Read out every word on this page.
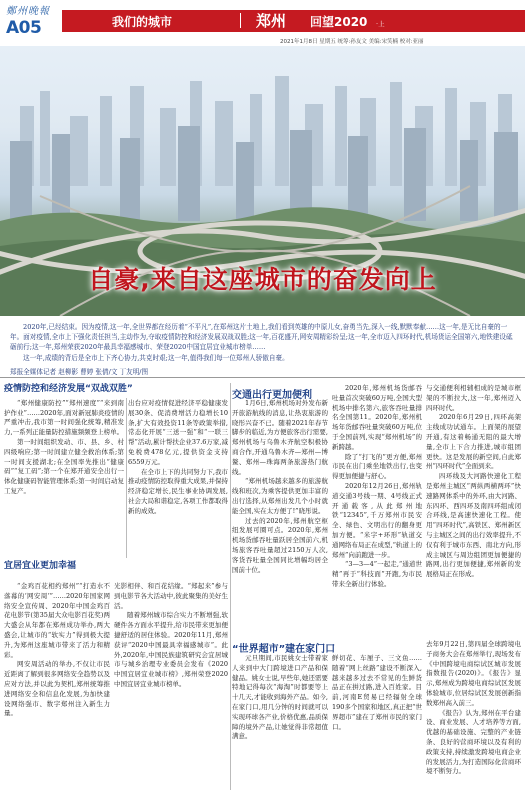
鄭州晚報
A05	我们的城市	郑州 回望2020 ·上
2021年1月8日 星期五 统筹:孙友文 美编:宋笑楠 校对:亚丽
自豪,来自这座城市的奋发向上
2020年,已经结束。因为疫情,这一年,全世界都在经历着“不平凡”,在郑州这片土地上,我们看到英雄的中原儿女,奋勇当先,深入一线,默默奉献……这一年,是无比自豪的一年。面对疫情,全市上下强化责任担当,主动作为,夺取疫情防控和经济发展双战双胜;这一年,百花盛开,网安周精彩纷呈;这一年,全市迈入四环时代,机场货运全国第六,地铁建设砥砺前行;这一年,郑州荣获2020年最具幸福感城市、荣登2020中国宜居宜业城市榜单……
这一年,成绩的背后是全市上下齐心协力,共克时艰;这一年,值得我们每一位郑州人骄傲自豪。
郑报全媒体记者 赵柳影 曹婷 张倩/文 丁友明/图
疫情防控和经济发展“双战双胜”

“郑州健康防控”“郑州速度”“来到南护作业”……2020年,面对新冠肺炎疫情的严重冲击,我市第一时间强化统筹,精准发力,一系列正能量防控措施频频登上榜单。

第一时间组织发动、市、县、乡、村四级响应;第一时间建立健全救治体系;第一时间支援湖北;在全国率先推出“健康码”“复工码”;第一个在郑开通安全出行一体化健康码智能管理体系;第一时间启动复工复产。

出台应对疫情促进经济平稳健康发展30条、促消费增活力稳增长10条,扩大有效投资11条等政策举措,常态化开展“三送一强”和“一联三帮”活动,累计帮扶企业37.6万家,减免税费478亿元,提供资金支持6559万元。

在全市上下的共同努力下,我市推动疫情防控取得重大成果,并保持经济稳定增长,民生事业协调发展,社会大局和谐稳定,各项工作都取得新的成效。

宜居宜业更加幸福

“金鸡百花相约郑州”“打造水不落幕的‘网安周’”……2020年国家网络安全宣传周、2020年中国金鸡百花电影节(第35届大众电影百花奖)两大盛会从年都在郑州成功举办,两大盛会,让城市的“软实力”得到极大提升,为郑州这座城市带来了活力和精彩。

网安周活动的举办,不仅让市民近距离了解到很多网络安全趋势以及应对方法,并以此为契机,郑州统筹推进网络安全和信息化发展,为加快建设网络强市、数字郑州注入新生力量。

光影相伴、和百花结缘。“郑起来”参与到电影节各大活动中,彼此聚集的美好生活。

随着郑州城市综合实力不断增强,软硬件各方面水平提升,给市民带来更加便捷舒适的居住体验。2020年11月,郑州获评“2020中国最具幸福感城市”。此外,2020年,中国民族建筑研究会宜居城市与城乡治理专业委员会发布《2020中国宜居宜业城市榜》,郑州荣登2020中国宜居宜业城市榜单。

交通出行更加便利

1月6日,郑州机场对外发布新开旅游航线的消息,让热衷旅游的晓彤兴奋不已。随着2021年春节脚步的临近,为方便旅客出行需要,郑州机场与乌鲁木齐航空积极协商合作,开通乌鲁木齐—郑州—博鳌、郑州—珠海两条旅游热门航线。

“郑州机场越来越多的旅游航线和班次,为乘客提供更加丰富的出行选择,从郑州出发几个小时就能全国,实在太方便了!”晓彤说。

过去的2020年,郑州航空枢纽发展可圈可点。2020年,郑州机场货邮吞吐量跃居全国前六,机场旅客吞吐量超过2150万人次,客货吞吐量全国同比增幅均居全国前十位。

2020年,郑州机场货邮吞吐量首次突破60万吨,全国大型机场中排名第六,旅客吞吐量排名全国第11。2020年,郑州机场年货邮吞吐量突破60万吨,位于全国前列,实现“郑州机场”的新跨越。

除了“打飞的”更方便,郑州市民在出门乘坐地铁出行,也变得更加便捷与舒心。

2020年12月26日,郑州轨道交通3号线一期、4号线正式开通载客,从此郑州地铁“12345”,千万郑州市民安全、绿色、文明出行的翻身更加方便。“米字+环形”轨道交通网络布局正在成型,“轨道上的郑州”向前跑进一步。

“3—3—4”一起走,“通道世精”再于“科技面”开跑,为市民带来全新出行体验。

与交通便利相辅相成的是城市框架的不断拉大,这一年,郑州迈入四环时代。

2020年6月29日,四环高架主线成功试通车。上面架的展望开通,有这着畅通无阻的最大增量,全市上下合力推进,城市组团更快。这是发展的新空间,自此郑州“四环时代”全面到来。

四环线及大河路快速化工程是郑州主城区“两纵两横两环”快速路网体系中的外环,由大河路、东四环、西四环及南四环组成闭合环线,是高速快速化工程。使用“四环时代”,高铁区、郑州新区与主城区之间的出行效率提升,不仅有利于城市东西、南北方向,形成主城区与周边组团更加便捷的路网,出行更加便捷,郑州新的发展格局正在形成。

“世界超市”建在家门口

元旦期间,市民姚女士带着家人来到中大门跨境进口产品和保健品。姚女士说,早些年,她还需要特地记得每次“海淘”时都要等上十几天,才能收到海外产品。如今,在家门口,用几分钟的时间就可以实现环球各产业,价格优惠,品质保障的境外产品,让她觉得非常超值满意。

鲜切花、车厘子、三文鱼……随着“网上丝路”建设不断深入,越来越多过去不常见的生鲜货品正在拼过路,进入百姓家。目前,河南E贸易已经辐射全球190多个国家和地区,真正把“世界超市”建在了郑州市民的家门口。

去年9月22日,第四届全球跨境电子商务大会在郑州举行,现场发布《中国跨境电商综试区城市发展指数报告(2020)》。《报告》显示,郑州成为跨境电商综试区发展体验城市,位居综试区发展创新指数郑州高入前三。

《报告》认为,郑州在平台建设、商业发展、人才培养等方面,优越的基础设施、完整的产业链条、良好的营商环境以及有利的政策支持,持续激发跨境电商企业的发展活力,为打造国际化营商环境不断努力。
